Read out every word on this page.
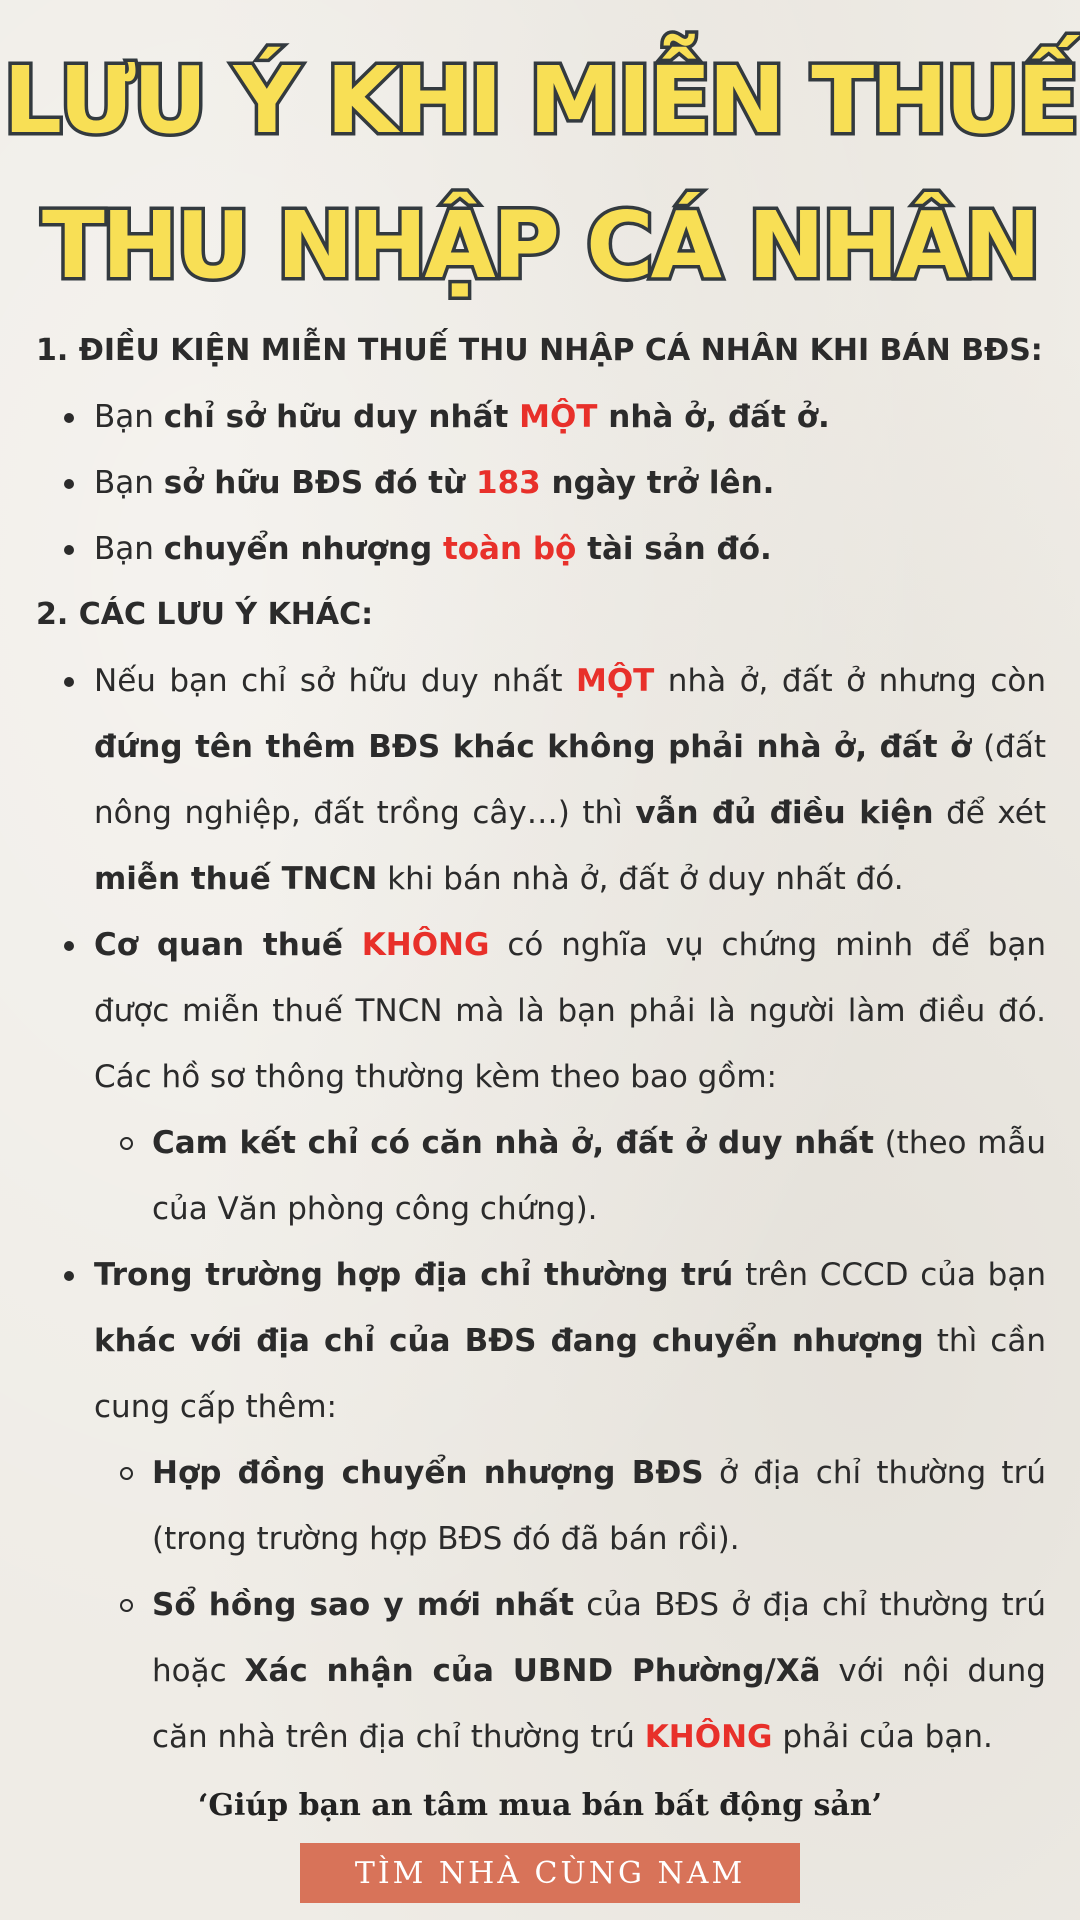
LƯU Ý KHI MIỄN THUẾ
THU NHẬP CÁ NHÂN

1. ĐIỀU KIỆN MIỄN THUẾ THU NHẬP CÁ NHÂN KHI BÁN BĐS:

Bạn chỉ sở hữu duy nhất MỘT nhà ở, đất ở.
Bạn sở hữu BĐS đó từ 183 ngày trở lên.
Bạn chuyển nhượng toàn bộ tài sản đó.

2. CÁC LƯU Ý KHÁC:

Nếu bạn chỉ sở hữu duy nhất MỘT nhà ở, đất ở nhưng còn đứng tên thêm BĐS khác không phải nhà ở, đất ở (đất nông nghiệp, đất trồng cây…) thì vẫn đủ điều kiện để xét miễn thuế TNCN khi bán nhà ở, đất ở duy nhất đó.
Cơ quan thuế KHÔNG có nghĩa vụ chứng minh để bạn được miễn thuế TNCN mà là bạn phải là người làm điều đó. Các hồ sơ thông thường kèm theo bao gồm:
Cam kết chỉ có căn nhà ở, đất ở duy nhất (theo mẫu của Văn phòng công chứng).
Trong trường hợp địa chỉ thường trú trên CCCD của bạn khác với địa chỉ của BĐS đang chuyển nhượng thì cần cung cấp thêm:
Hợp đồng chuyển nhượng BĐS ở địa chỉ thường trú (trong trường hợp BĐS đó đã bán rồi).
Sổ hồng sao y mới nhất của BĐS ở địa chỉ thường trú hoặc Xác nhận của UBND Phường/Xã với nội dung căn nhà trên địa chỉ thường trú KHÔNG phải của bạn.
‘Giúp bạn an tâm mua bán bất động sản’
TÌM NHÀ CÙNG NAM
